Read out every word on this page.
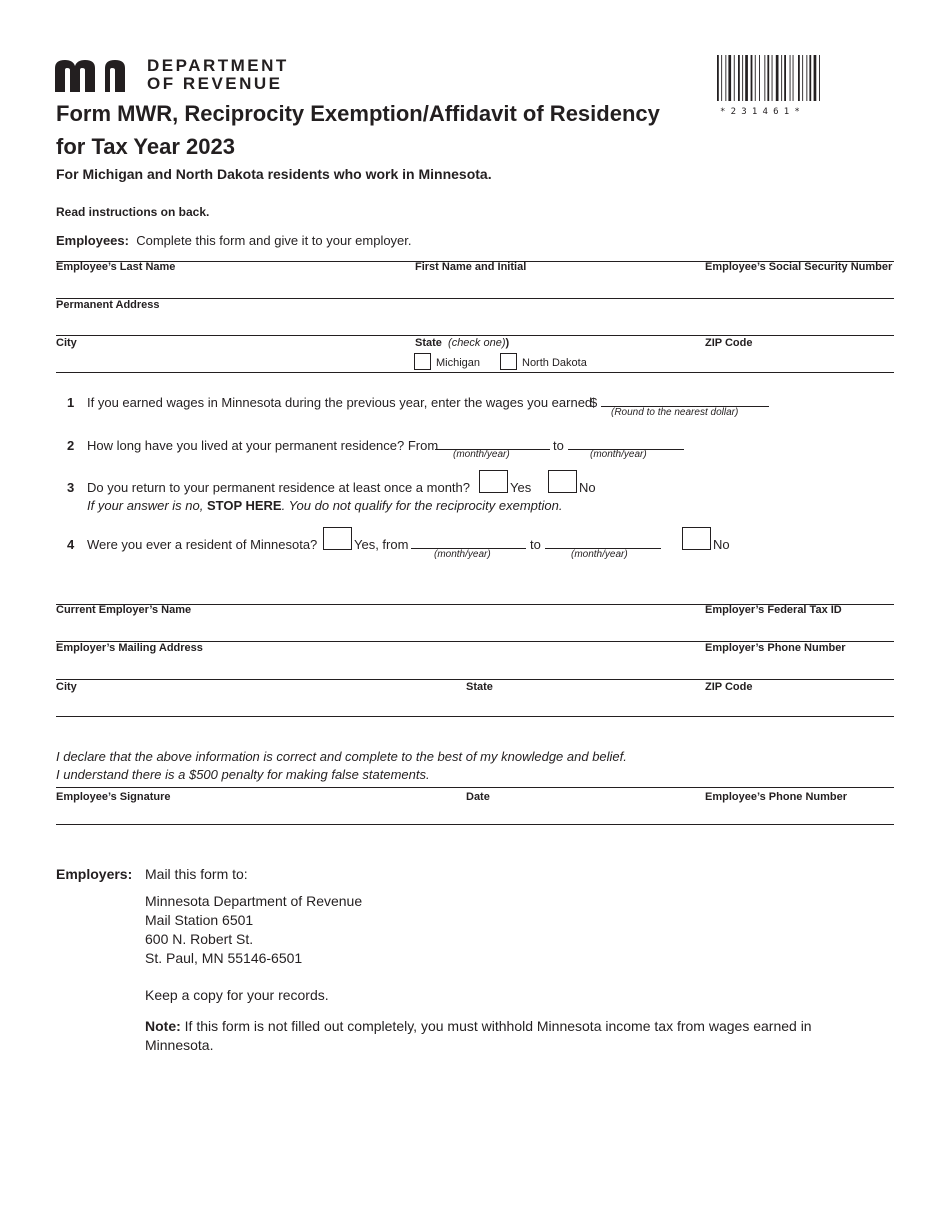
DEPARTMENT
OF REVENUE
*231461*
Form MWR, Reciprocity Exemption/Affidavit of Residency
for Tax Year 2023
For Michigan and North Dakota residents who work in Minnesota.
Read instructions on back.
Employees: Complete this form and give it to your employer.
Employee’s Last Name	First Name and Initial	Employee’s Social Security Number
Permanent Address
City	State (check one))	ZIP Code
Michigan	North Dakota
1 If you earned wages in Minnesota during the previous year, enter the wages you earned
$
(Round to the nearest dollar)
2 How long have you lived at your permanent residence? From
(month/year)
to
(month/year)
3 Do you return to your permanent residence at least once a month?	Yes	No
If your answer is no, STOP HERE. You do not qualify for the reciprocity exemption.
4 Were you ever a resident of Minnesota?	Yes, from
(month/year)
to
(month/year)
No
Current Employer’s Name	Employer’s Federal Tax ID
Employer’s Mailing Address	Employer’s Phone Number
City	State	ZIP Code
I declare that the above information is correct and complete to the best of my knowledge and belief.
I understand there is a $500 penalty for making false statements.
Employee’s Signature	Date	Employee’s Phone Number
Employers: Mail this form to:
Minnesota Department of Revenue
Mail Station 6501
600 N. Robert St.
St. Paul, MN 55146-6501
Keep a copy for your records.
Note: If this form is not filled out completely, you must withhold Minnesota income tax from wages earned in
Minnesota.
